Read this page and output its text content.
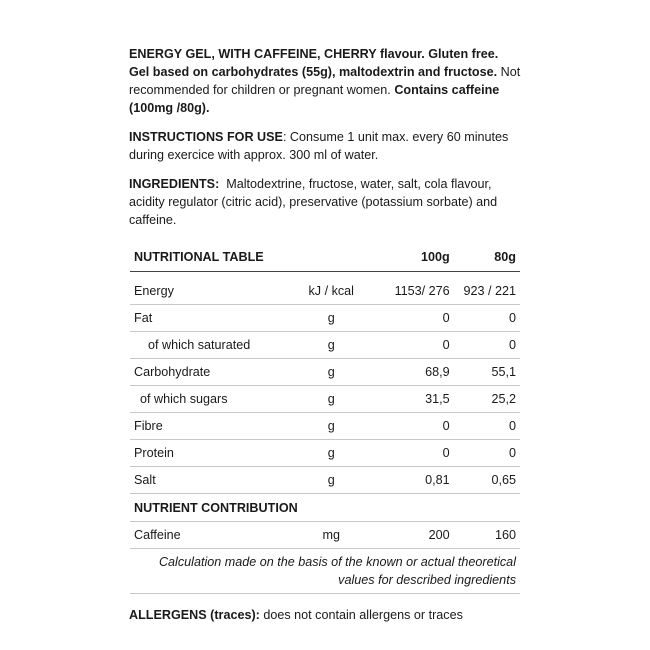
ENERGY GEL, WITH CAFFEINE, CHERRY flavour. Gluten free. Gel based on carbohydrates (55g), maltodextrin and fructose. Not recommended for children or pregnant women. Contains caffeine (100mg /80g).

INSTRUCTIONS FOR USE: Consume 1 unit max. every 60 minutes during exercice with approx. 300 ml of water.

INGREDIENTS:  Maltodextrine, fructose, water, salt, cola flavour, acidity regulator (citric acid), preservative (potassium sorbate) and caffeine.

NUTRITIONAL TABLE		100g	80g

Energy	kJ / kcal	1153/ 276	923 / 221
Fat	g	0	0
of which saturated	g	0	0
Carbohydrate	g	68,9	55,1
of which sugars	g	31,5	25,2
Fibre	g	0	0
Protein	g	0	0
Salt	g	0,81	0,65
NUTRIENT CONTRIBUTION			
Caffeine	mg	200	160
Calculation made on the basis of the known or actual theoretical values for described ingredients			

ALLERGENS (traces): does not contain allergens or traces
